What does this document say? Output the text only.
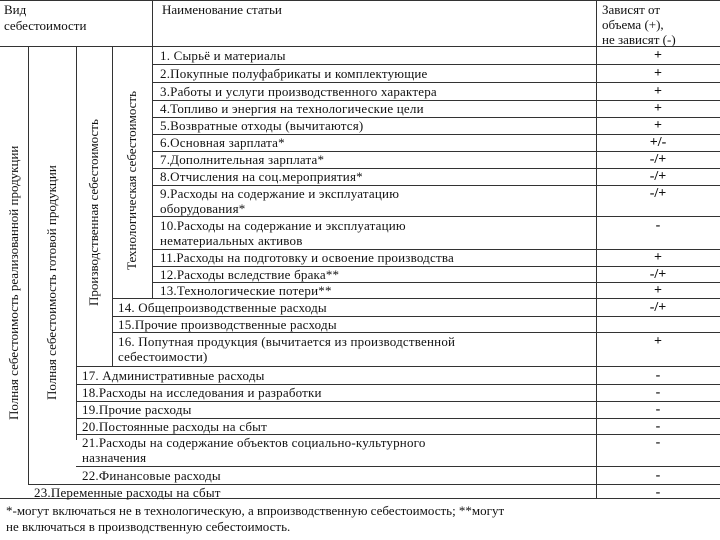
Вид
себестоимости
Наименование статьи	Зависят от
объема (+),
не зависят (-)
Полная себестоимость реализованной продукции Полная себестоимость готовой продукции Производственная себестоимость Технологическая себестоимость
1. Сырьё и материалы
2.Покупные полуфабрикаты и комплектующие
3.Работы и услуги производственного характера
4.Топливо и энергия на технологические цели
5.Возвратные отходы (вычитаются)
6.Основная зарплата*
7.Дополнительная зарплата*
8.Отчисления на соц.мероприятия*
9.Расходы на содержание и эксплуатацию
оборудования*
10.Расходы на содержание и эксплуатацию
нематериальных активов
11.Расходы на подготовку и освоение производства
12.Расходы вследствие брака**
13.Технологические потери**
14. Общепроизводственные расходы
15.Прочие производственные расходы
16. Попутная продукция (вычитается из производственной
себестоимости)
17. Административные расходы
18.Расходы на исследования и разработки
19.Прочие расходы
20.Постоянные расходы на сбыт
21.Расходы на содержание объектов социально-культурного
назначения
22.Финансовые расходы
23.Переменные расходы на сбыт
+
+
+
+
+
+/-
-/+
-/+
-/+
-
+
-/+
+
-/+
+
-
-
-
-
-
-
-
*-могут включаться не в технологическую, а впроизводственную себестоимость; **могут
не включаться в производственную себестоимость.
